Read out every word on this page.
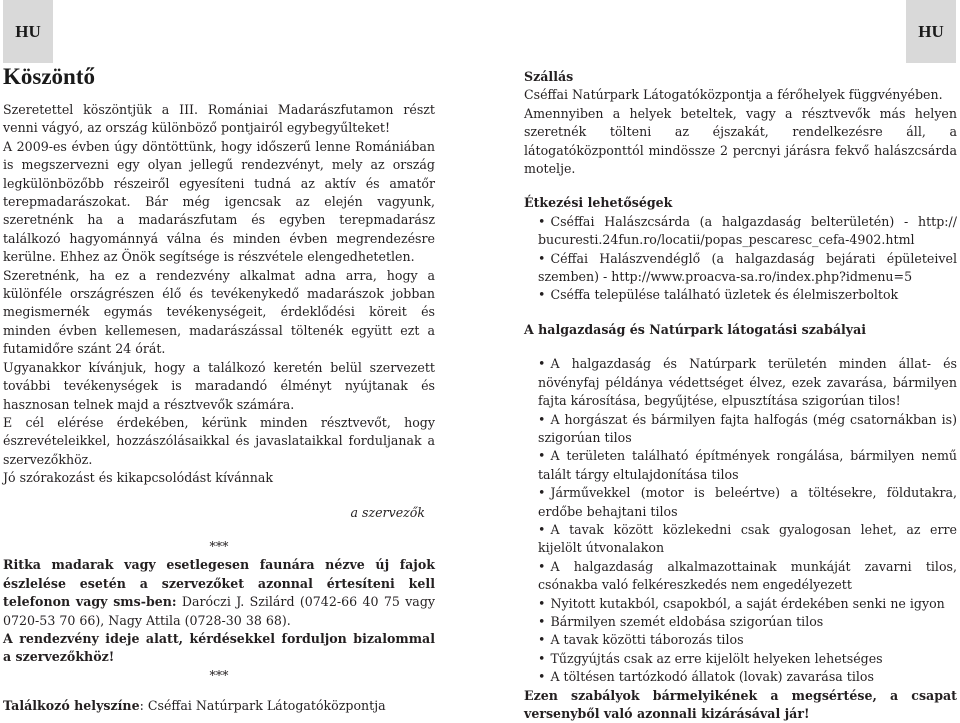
HU	HU
Köszöntő

Szeretettel köszöntjük a III. Romániai Madarászfutamon részt venni vágyó, az ország különböző pontjairól egybegyűlteket!

A 2009-es évben úgy döntöttünk, hogy időszerű lenne Romániában is megszervezni egy olyan jellegű rendezvényt, mely az ország legkülönbözőbb részeiről egyesíteni tudná az aktív és amatőr terepmadarászokat. Bár még igencsak az elején vagyunk, szeretnénk ha a madarászfutam és egyben terepmadarász találkozó hagyománnyá válna és minden évben megrendezésre kerülne. Ehhez az Önök segítsége is részvétele elengedhetetlen.

Szeretnénk, ha ez a rendezvény alkalmat adna arra, hogy a különféle országrészen élő és tevékenykedő madarászok jobban megismernék egymás tevékenységeit, érdeklődési köreit és minden évben kellemesen, madarászással töltenék együtt ezt a futamidőre szánt 24 órát.

Ugyanakkor kívánjuk, hogy a találkozó keretén belül szervezett további tevékenységek is maradandó élményt nyújtanak és hasznosan telnek majd a résztvevők számára.

E cél elérése érdekében, kérünk minden résztvevőt, hogy észrevételeikkel, hozzászólásaikkal és javaslataikkal forduljanak a szervezőkhöz.

Jó szórakozást és kikapcsolódást kívánnak

a szervezők

***

Ritka madarak vagy esetlegesen faunára nézve új fajok észlelése esetén a szervezőket azonnal értesíteni kell telefonon vagy sms-ben: Daróczi J. Szilárd (0742-66 40 75 vagy 0720-53 70 66), Nagy Attila (0728-30 38 68).

A rendezvény ideje alatt, kérdésekkel forduljon bizalommal a szervezőkhöz!

***

Találkozó helyszíne: Cséffai Natúrpark Látogatóközpontja

Szállás

Cséffai Natúrpark Látogatóközpontja a férőhelyek függvényében.

Amennyiben a helyek beteltek, vagy a résztvevők más helyen szeretnék tölteni az éjszakát, rendelkezésre áll, a látogatóközponttól mindössze 2 percnyi járásra fekvő halászcsárda motelje.

Étkezési lehetőségek

• Cséffai Halászcsárda (a halgazdaság belterületén) - http:// bucuresti.24fun.ro/locatii/popas_pescaresc_cefa-4902.html

• Céffai Halászvendéglő (a halgazdaság bejárati épületeivel szemben) - http://www.proacva-sa.ro/index.php?idmenu=5

• Cséffa települése található üzletek és élelmiszerboltok

A halgazdaság és Natúrpark látogatási szabályai

• A halgazdaság és Natúrpark területén minden állat- és növényfaj példánya védettséget élvez, ezek zavarása, bármilyen fajta károsítása, begyűjtése, elpusztítása szigorúan tilos!

• A horgászat és bármilyen fajta halfogás (még csatornákban is) szigorúan tilos

• A területen található építmények rongálása, bármilyen nemű talált tárgy eltulajdonítása tilos

• Járművekkel (motor is beleértve) a töltésekre, földutakra, erdőbe behajtani tilos

• A tavak között közlekedni csak gyalogosan lehet, az erre kijelölt útvonalakon

• A halgazdaság alkalmazottainak munkáját zavarni tilos, csónakba való felkéreszkedés nem engedélyezett

• Nyitott kutakból, csapokból, a saját érdekében senki ne igyon

• Bármilyen szemét eldobása szigorúan tilos

• A tavak közötti táborozás tilos

• Tűzgyújtás csak az erre kijelölt helyeken lehetséges

• A töltésen tartózkodó állatok (lovak) zavarása tilos

Ezen szabályok bármelyikének a megsértése, a csapat versenyből való azonnali kizárásával jár!
